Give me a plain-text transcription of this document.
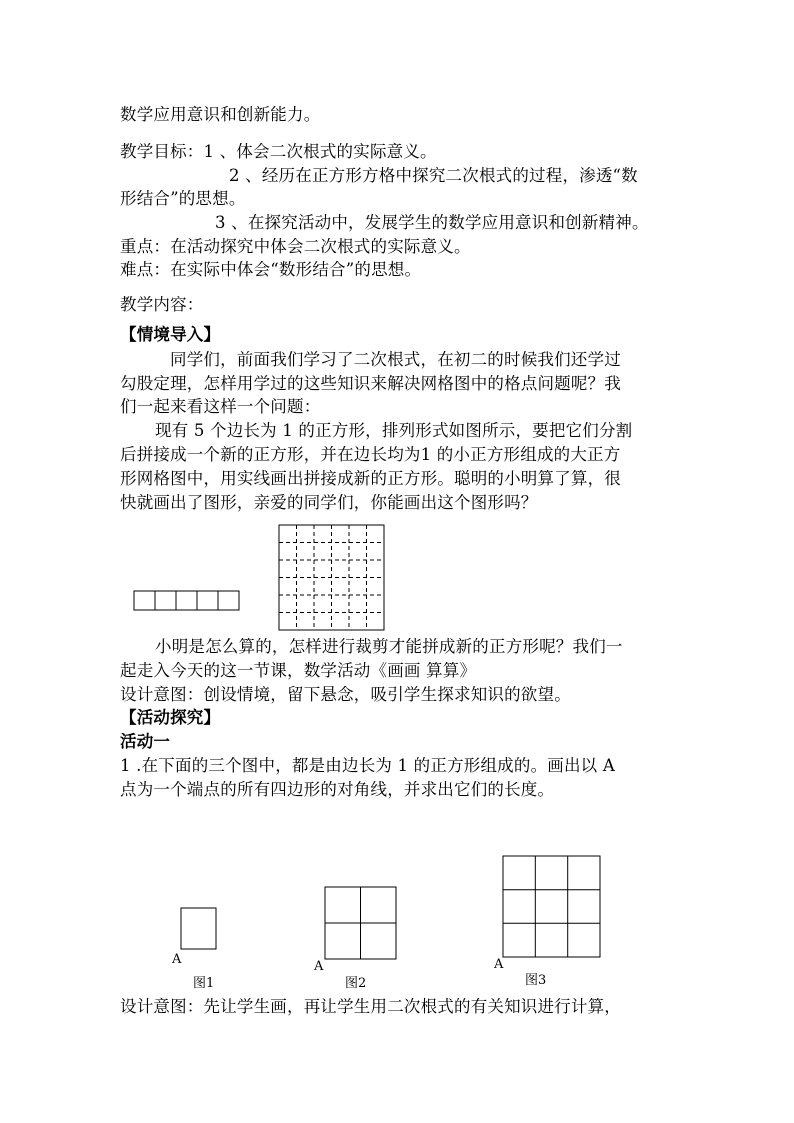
数学应用意识和创新能力。
教学目标：1 、体会二次根式的实际意义。
2 、经历在正方形方格中探究二次根式的过程，渗透“数
形结合”的思想。
3 、在探究活动中，发展学生的数学应用意识和创新精神。
重点：在活动探究中体会二次根式的实际意义。
难点：在实际中体会“数形结合”的思想。
教学内容：
【情境导入】
同学们，前面我们学习了二次根式，在初二的时候我们还学过
勾股定理，怎样用学过的这些知识来解决网格图中的格点问题呢？我
们一起来看这样一个问题：
现有 5 个边长为 1 的正方形，排列形式如图所示，要把它们分割
后拼接成一个新的正方形，并在边长均为1 的小正方形组成的大正方
形网格图中，用实线画出拼接成新的正方形。聪明的小明算了算，很
快就画出了图形，亲爱的同学们，你能画出这个图形吗？
小明是怎么算的，怎样进行裁剪才能拼成新的正方形呢？我们一
起走入今天的这一节课，数学活动《画画 算算》
设计意图：创设情境，留下悬念，吸引学生探求知识的欲望。
【活动探究】
活动一
1 .在下面的三个图中，都是由边长为 1 的正方形组成的。画出以 A
点为一个端点的所有四边形的对角线，并求出它们的长度。
设计意图：先让学生画，再让学生用二次根式的有关知识进行计算，
A
图1
A
图2
A
图3
